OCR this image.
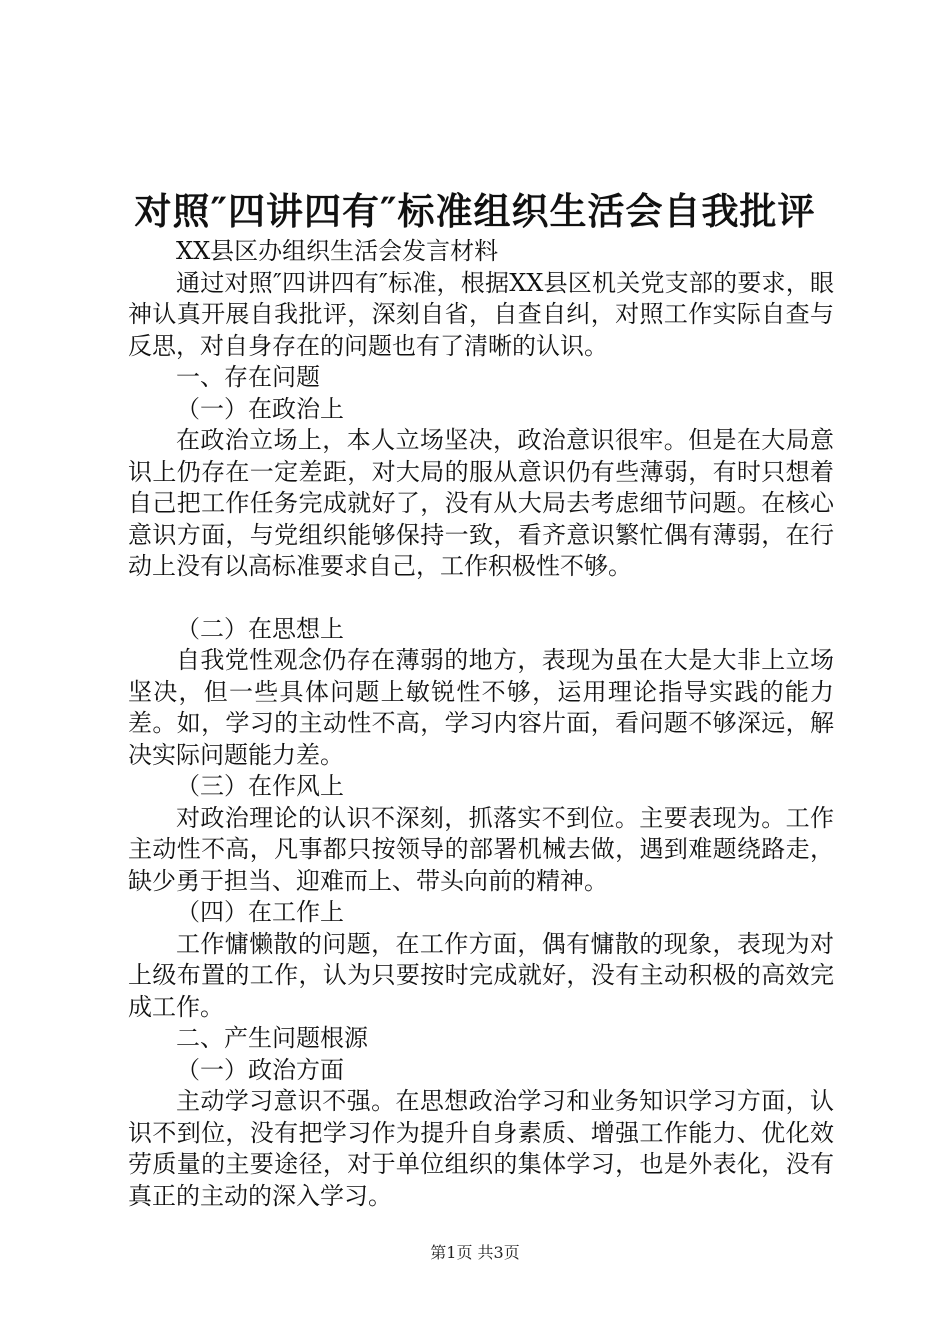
对照″四讲四有″标准组织生活会自我批评

XX县区办组织生活会发言材料

通过对照″四讲四有″标准，根据XX县区机关党支部的要求，眼神认真开展自我批评，深刻自省，自查自纠，对照工作实际自查与反思，对自身存在的问题也有了清晰的认识。

一、存在问题

（一）在政治上

在政治立场上，本人立场坚决，政治意识很牢。但是在大局意识上仍存在一定差距，对大局的服从意识仍有些薄弱，有时只想着自己把工作任务完成就好了，没有从大局去考虑细节问题。在核心意识方面，与党组织能够保持一致，看齐意识繁忙偶有薄弱，在行动上没有以高标准要求自己，工作积极性不够。

（二）在思想上

自我党性观念仍存在薄弱的地方，表现为虽在大是大非上立场坚决，但一些具体问题上敏锐性不够，运用理论指导实践的能力差。如，学习的主动性不高，学习内容片面，看问题不够深远，解决实际问题能力差。

（三）在作风上

对政治理论的认识不深刻，抓落实不到位。主要表现为。工作主动性不高，凡事都只按领导的部署机械去做，遇到难题绕路走，缺少勇于担当、迎难而上、带头向前的精神。

（四）在工作上

工作慵懒散的问题，在工作方面，偶有慵散的现象，表现为对上级布置的工作，认为只要按时完成就好，没有主动积极的高效完成工作。

二、产生问题根源

（一）政治方面

主动学习意识不强。在思想政治学习和业务知识学习方面，认识不到位，没有把学习作为提升自身素质、增强工作能力、优化效劳质量的主要途径，对于单位组织的集体学习，也是外表化，没有真正的主动的深入学习。

第1页 共3页
